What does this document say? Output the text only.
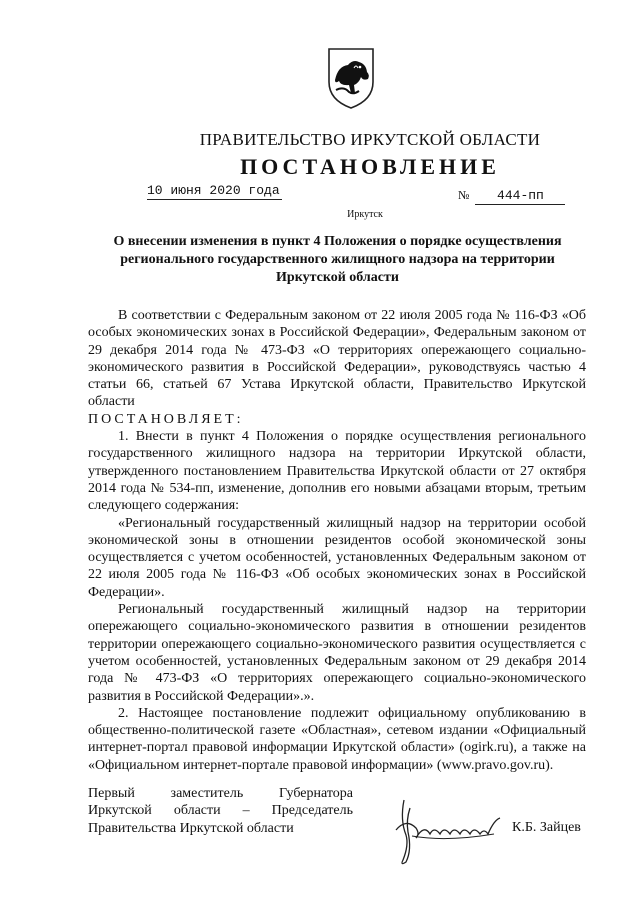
ПРАВИТЕЛЬСТВО ИРКУТСКОЙ ОБЛАСТИ
ПОСТАНОВЛЕНИЕ
10 июня 2020 года	№ 444-пп
Иркутск
О внесении изменения в пункт 4 Положения о порядке осуществления
регионального государственного жилищного надзора на территории
Иркутской области

В соответствии с Федеральным законом от 22 июля 2005 года № 116-ФЗ «Об особых экономических зонах в Российской Федерации», Федеральным законом от 29 декабря 2014 года № 473-ФЗ «О территориях опережающего социально-экономического развития в Российской Федерации», руководствуясь частью 4 статьи 66, статьей 67 Устава Иркутской области, Правительство Иркутской области

ПОСТАНОВЛЯЕТ:

1. Внести в пункт 4 Положения о порядке осуществления регионального государственного жилищного надзора на территории Иркутской области, утвержденного постановлением Правительства Иркутской области от 27 октября 2014 года № 534-пп, изменение, дополнив его новыми абзацами вторым, третьим следующего содержания:

«Региональный государственный жилищный надзор на территории особой экономической зоны в отношении резидентов особой экономической зоны осуществляется с учетом особенностей, установленных Федеральным законом от 22 июля 2005 года № 116-ФЗ «Об особых экономических зонах в Российской Федерации».

Региональный государственный жилищный надзор на территории опережающего социально-экономического развития в отношении резидентов территории опережающего социально-экономического развития осуществляется с учетом особенностей, установленных Федеральным законом от 29 декабря 2014 года № 473-ФЗ «О территориях опережающего социально-экономического развития в Российской Федерации».».

2. Настоящее постановление подлежит официальному опубликованию в общественно-политической газете «Областная», сетевом издании «Официальный интернет-портал правовой информации Иркутской области» (ogirk.ru), а также на «Официальном интернет-портале правовой информации» (www.pravo.gov.ru).

Первый заместитель Губернатора
Иркутской области – Председатель
Правительства Иркутской области	К.Б. Зайцев
